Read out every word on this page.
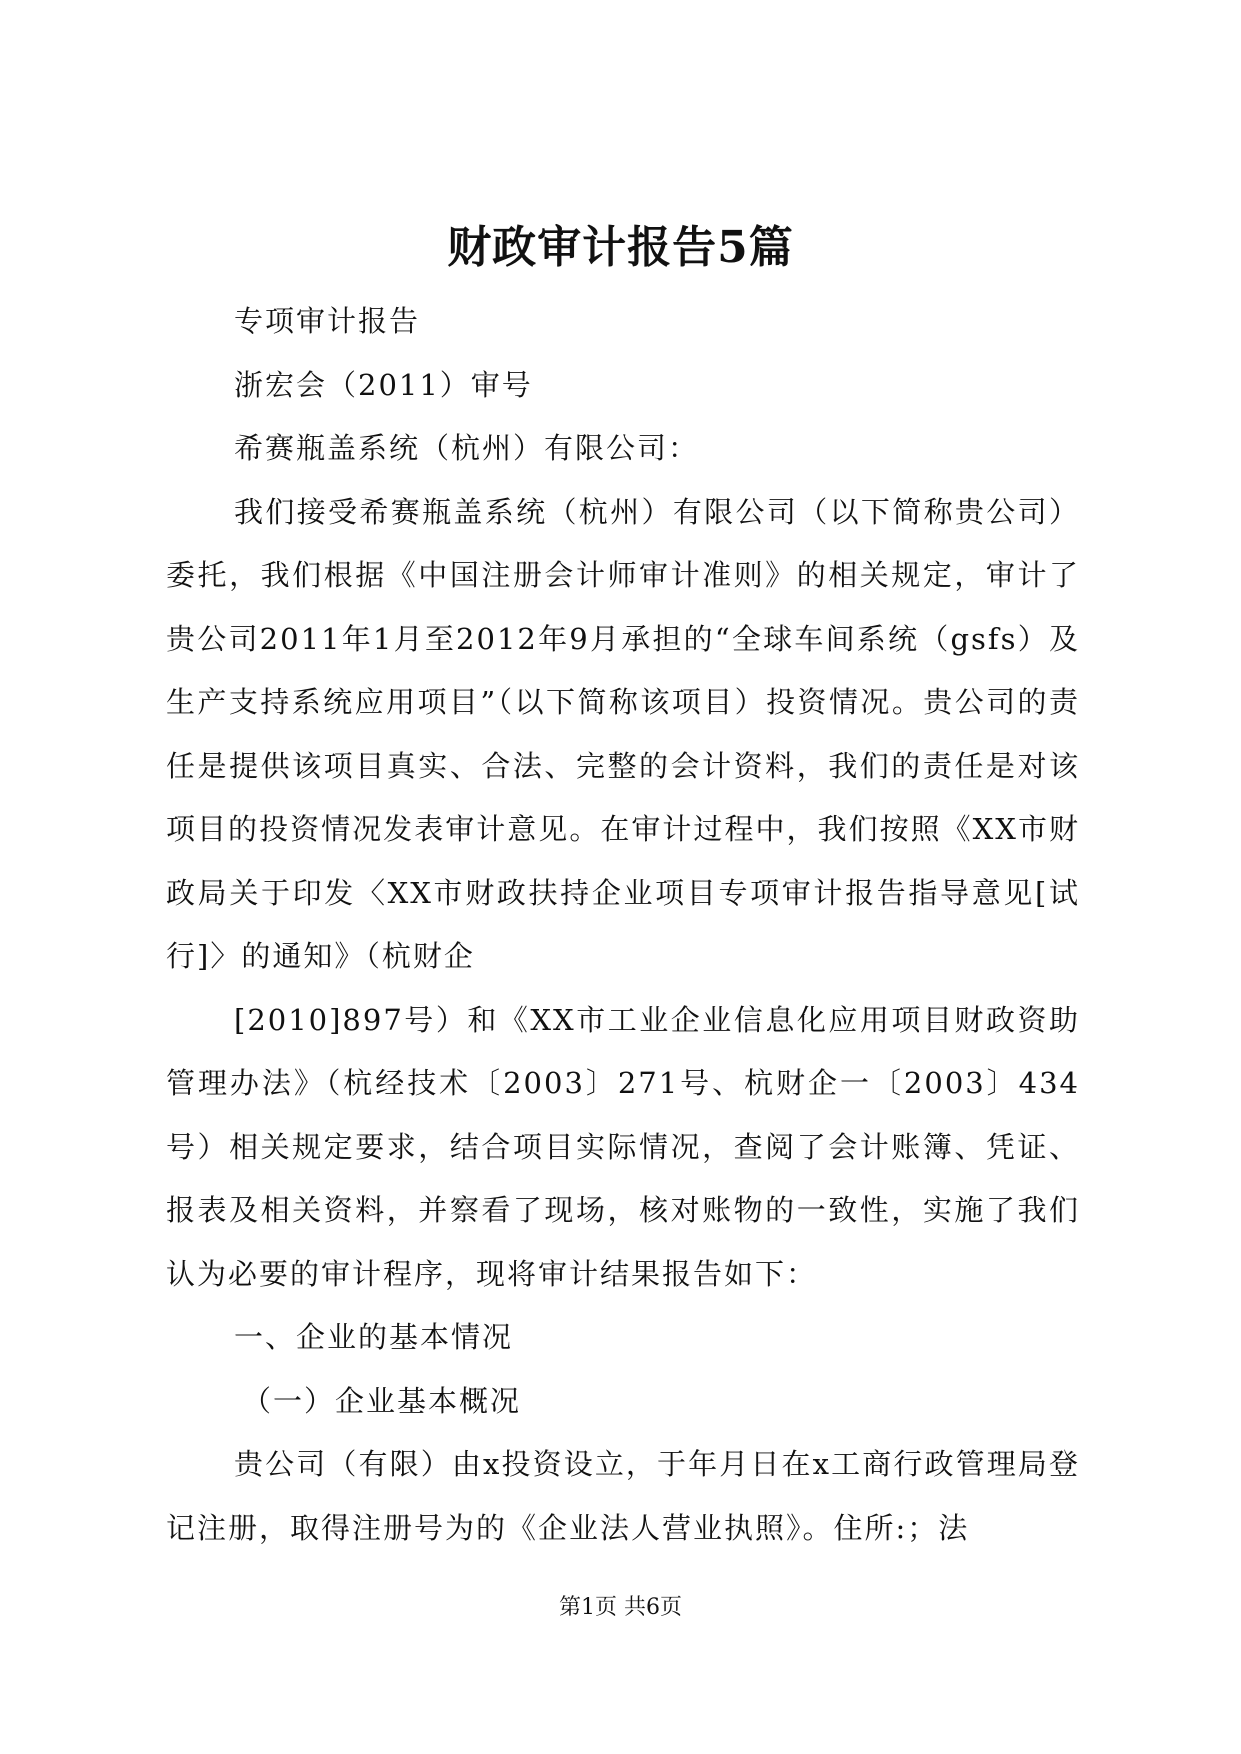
财政审计报告5篇

专项审计报告

浙宏会（2011）审号

希赛瓶盖系统（杭州）有限公司：

我们接受希赛瓶盖系统（杭州）有限公司（以下简称贵公司）委托，我们根据《中国注册会计师审计准则》的相关规定，审计了贵公司2011年1月至2012年9月承担的“全球车间系统（gsfs）及生产支持系统应用项目”（以下简称该项目）投资情况。贵公司的责任是提供该项目真实、合法、完整的会计资料，我们的责任是对该项目的投资情况发表审计意见。在审计过程中，我们按照《XX市财政局关于印发〈XX市财政扶持企业项目专项审计报告指导意见[试行]〉的通知》（杭财企

[2010]897号）和《XX市工业企业信息化应用项目财政资助管理办法》（杭经技术〔2003〕271号、杭财企一〔2003〕434号）相关规定要求，结合项目实际情况，查阅了会计账簿、凭证、报表及相关资料，并察看了现场，核对账物的一致性，实施了我们认为必要的审计程序，现将审计结果报告如下：

一、企业的基本情况

（一）企业基本概况

贵公司（有限）由x投资设立，于年月日在x工商行政管理局登记注册，取得注册号为的《企业法人营业执照》。住所:；法

第1页 共6页
